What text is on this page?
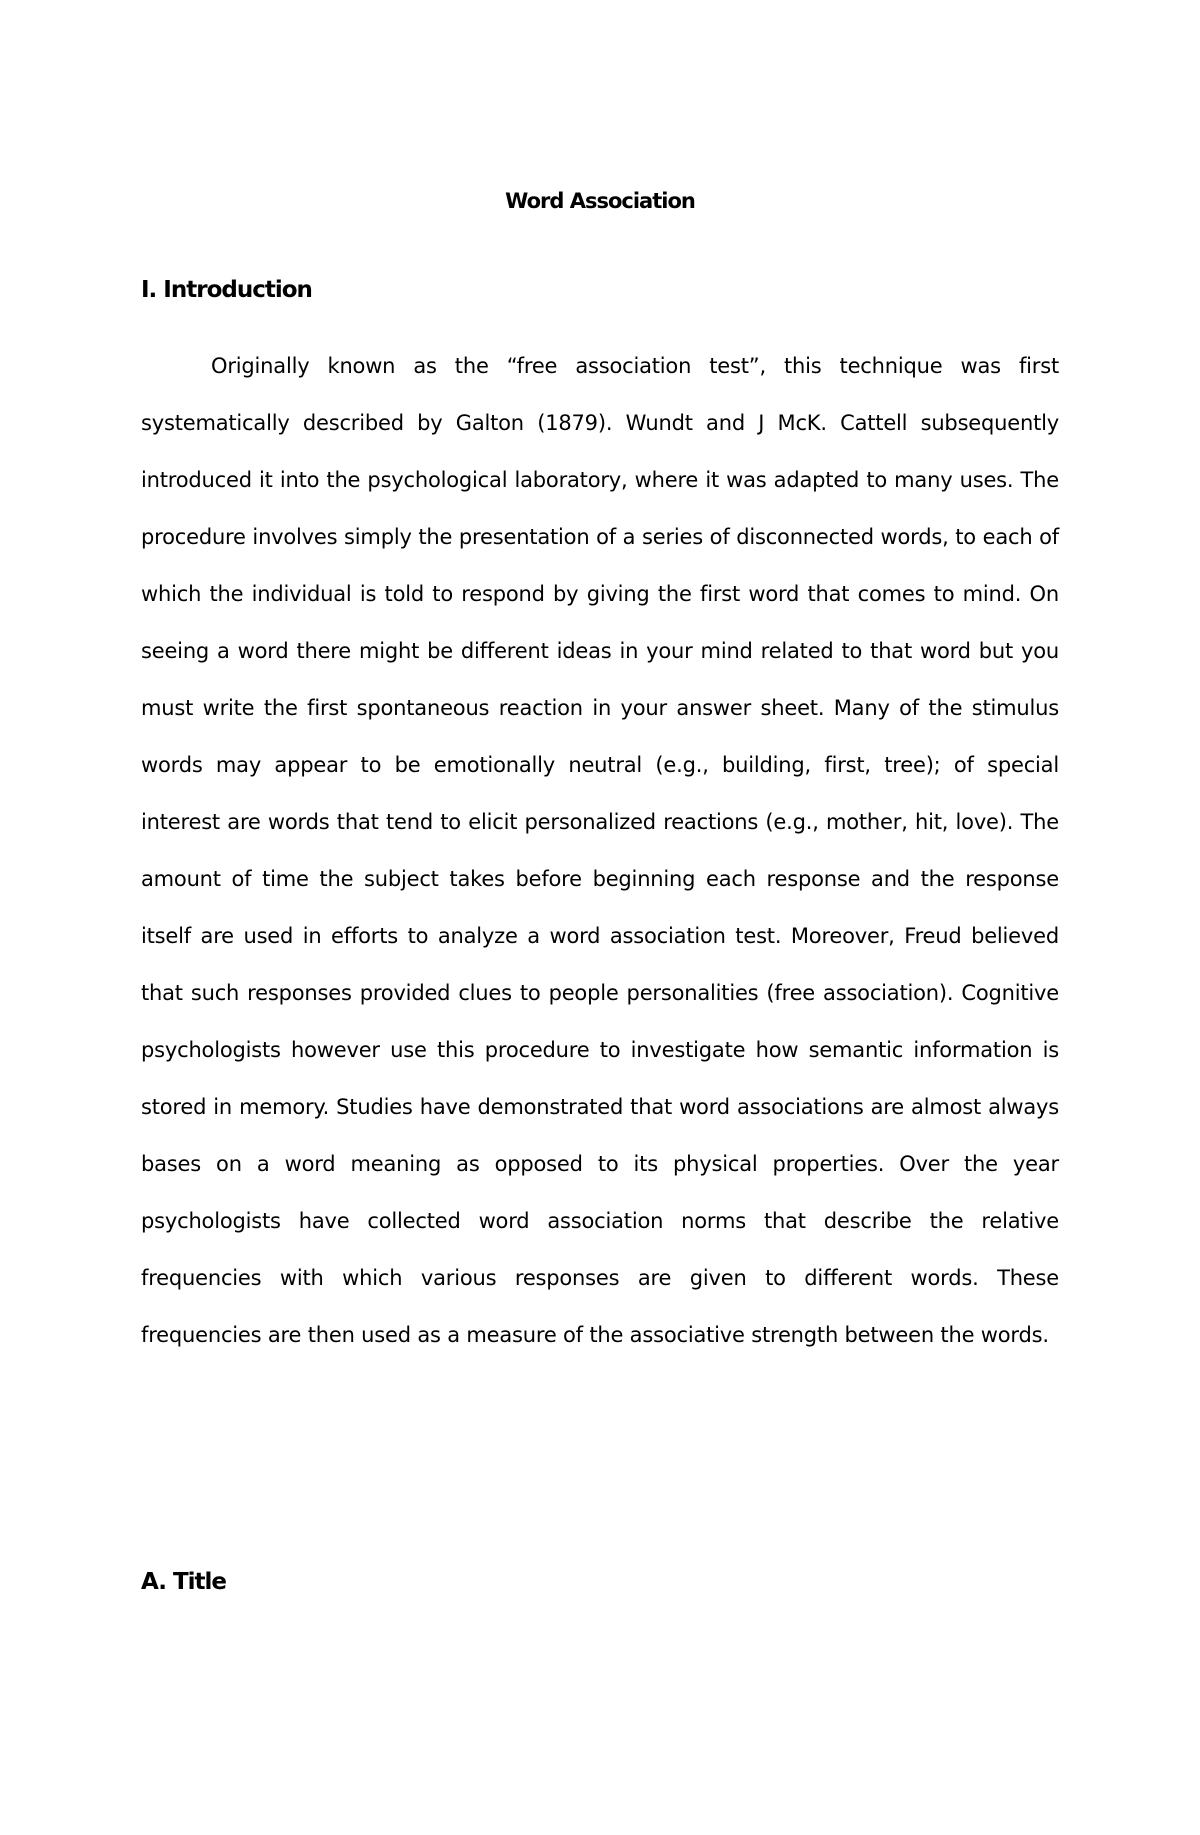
Word Association
I. Introduction

Originally known as the “free association test”, this technique was first systematically described by Galton (1879). Wundt and J McK. Cattell subsequently introduced it into the psychological laboratory, where it was adapted to many uses. The procedure involves simply the presentation of a series of disconnected words, to each of which the individual is told to respond by giving the first word that comes to mind. On seeing a word there might be different ideas in your mind related to that word but you must write the first spontaneous reaction in your answer sheet. Many of the stimulus words may appear to be emotionally neutral (e.g., building, first, tree); of special interest are words that tend to elicit personalized reactions (e.g., mother, hit, love). The amount of time the subject takes before beginning each response and the response itself are used in efforts to analyze a word association test. Moreover, Freud believed that such responses provided clues to people personalities (free association). Cognitive psychologists however use this procedure to investigate how semantic information is stored in memory. Studies have demonstrated that word associations are almost always bases on a word meaning as opposed to its physical properties. Over the year psychologists have collected word association norms that describe the relative frequencies with which various responses are given to different words. These frequencies are then used as a measure of the associative strength between the words.

A. Title
